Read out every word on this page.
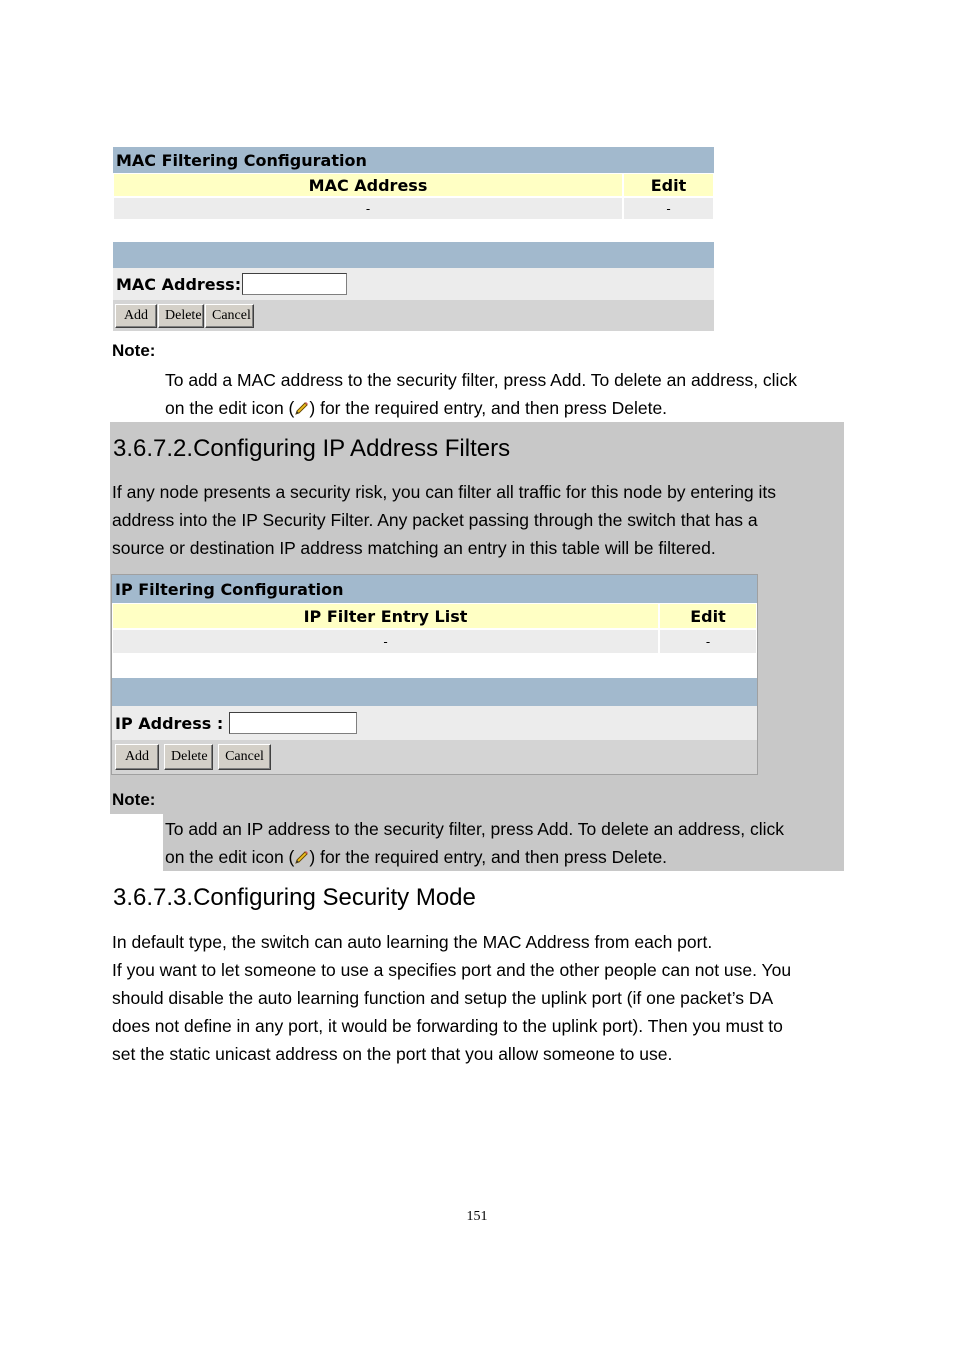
MAC Filtering Configuration
MAC Address	Edit
-	-
MAC Address:
Add	Delete Cancel
Note:
To add a MAC address to the security filter, press Add. To delete an address, click
on the edit icon ( ) for the required entry, and then press Delete.
3.6.7.2.Configuring IP Address Filters
If any node presents a security risk, you can filter all traffic for this node by entering its
address into the IP Security Filter. Any packet passing through the switch that has a
source or destination IP address matching an entry in this table will be filtered.
IP Filtering Configuration
IP Filter Entry List	Edit
-	-
IP Address :
Add	Delete	Cancel
Note:
To add an IP address to the security filter, press Add. To delete an address, click
on the edit icon ( ) for the required entry, and then press Delete.
3.6.7.3.Configuring Security Mode
In default type, the switch can auto learning the MAC Address from each port.
If you want to let someone to use a specifies port and the other people can not use. You
should disable the auto learning function and setup the uplink port (if one packet’s DA
does not define in any port, it would be forwarding to the uplink port). Then you must to
set the static unicast address on the port that you allow someone to use.
151
